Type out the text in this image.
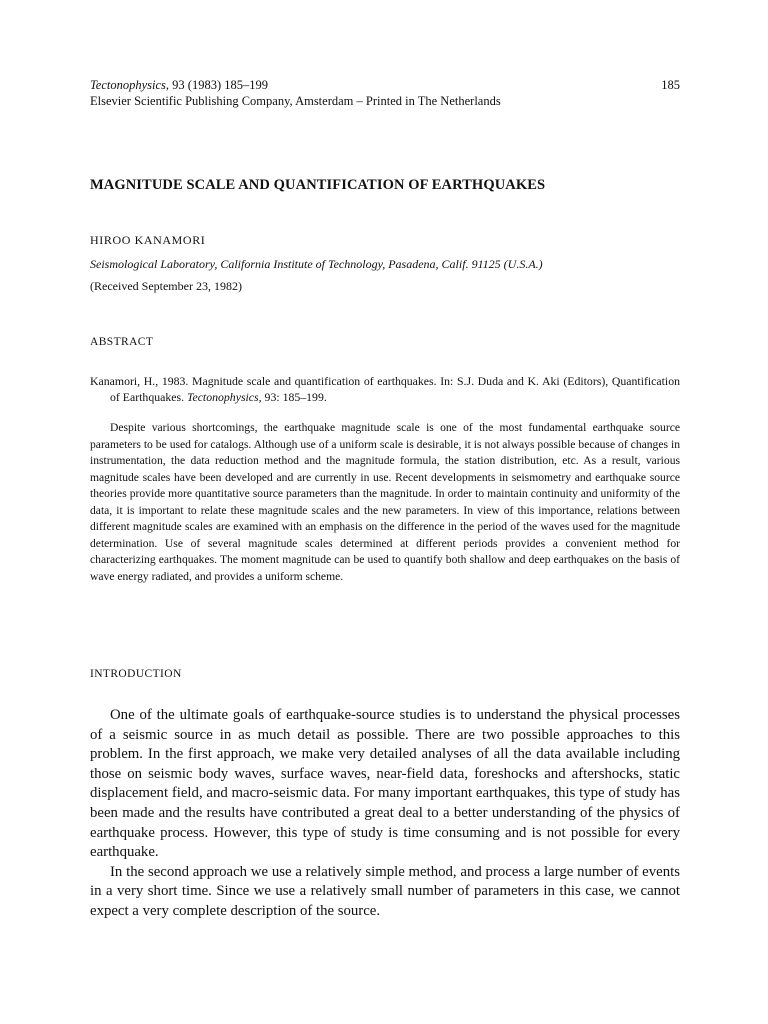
Tectonophysics, 93 (1983) 185–199
Elsevier Scientific Publishing Company, Amsterdam – Printed in The Netherlands
185
MAGNITUDE SCALE AND QUANTIFICATION OF EARTHQUAKES
HIROO KANAMORI
Seismological Laboratory, California Institute of Technology, Pasadena, Calif. 91125 (U.S.A.)
(Received September 23, 1982)
ABSTRACT
Kanamori, H., 1983. Magnitude scale and quantification of earthquakes. In: S.J. Duda and K. Aki (Editors), Quantification of Earthquakes. Tectonophysics, 93: 185–199.

Despite various shortcomings, the earthquake magnitude scale is one of the most fundamental earthquake source parameters to be used for catalogs. Although use of a uniform scale is desirable, it is not always possible because of changes in instrumentation, the data reduction method and the magnitude formula, the station distribution, etc. As a result, various magnitude scales have been developed and are currently in use. Recent developments in seismometry and earthquake source theories provide more quantitative source parameters than the magnitude. In order to maintain continuity and uniformity of the data, it is important to relate these magnitude scales and the new parameters. In view of this importance, relations between different magnitude scales are examined with an emphasis on the difference in the period of the waves used for the magnitude determination. Use of several magnitude scales determined at different periods provides a convenient method for characterizing earthquakes. The moment magnitude can be used to quantify both shallow and deep earthquakes on the basis of wave energy radiated, and provides a uniform scheme.

INTRODUCTION

One of the ultimate goals of earthquake-source studies is to understand the physical processes of a seismic source in as much detail as possible. There are two possible approaches to this problem. In the first approach, we make very detailed analyses of all the data available including those on seismic body waves, surface waves, near-field data, foreshocks and aftershocks, static displacement field, and macro-seismic data. For many important earthquakes, this type of study has been made and the results have contributed a great deal to a better understanding of the physics of earthquake process. However, this type of study is time consuming and is not possible for every earthquake.

In the second approach we use a relatively simple method, and process a large number of events in a very short time. Since we use a relatively small number of parameters in this case, we cannot expect a very complete description of the source.
